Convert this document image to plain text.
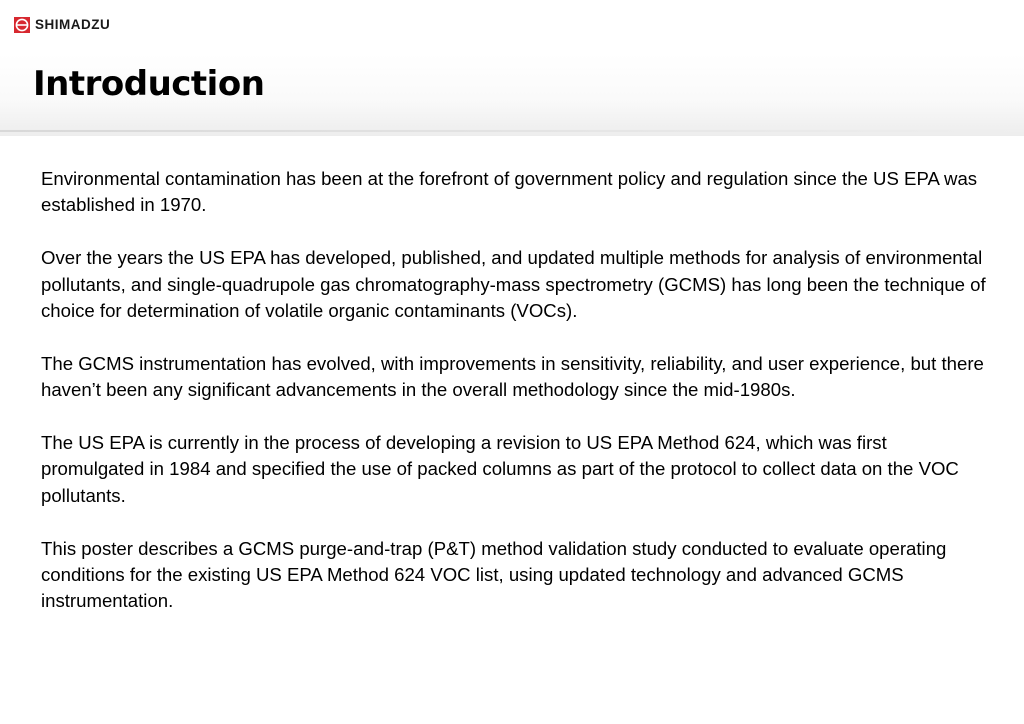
SHIMADZU
Introduction

Environmental contamination has been at the forefront of government policy and regulation since the US EPA was established in 1970.

Over the years the US EPA has developed, published, and updated multiple methods for analysis of environmental pollutants, and single-quadrupole gas chromatography-mass spectrometry (GCMS) has long been the technique of choice for determination of volatile organic contaminants (VOCs).

The GCMS instrumentation has evolved, with improvements in sensitivity, reliability, and user experience, but there haven’t been any significant advancements in the overall methodology since the mid-1980s.

The US EPA is currently in the process of developing a revision to US EPA Method 624, which was first promulgated in 1984 and specified the use of packed columns as part of the protocol to collect data on the VOC pollutants.

This poster describes a GCMS purge-and-trap (P&T) method validation study conducted to evaluate operating conditions for the existing US EPA Method 624 VOC list, using updated technology and advanced GCMS instrumentation.
